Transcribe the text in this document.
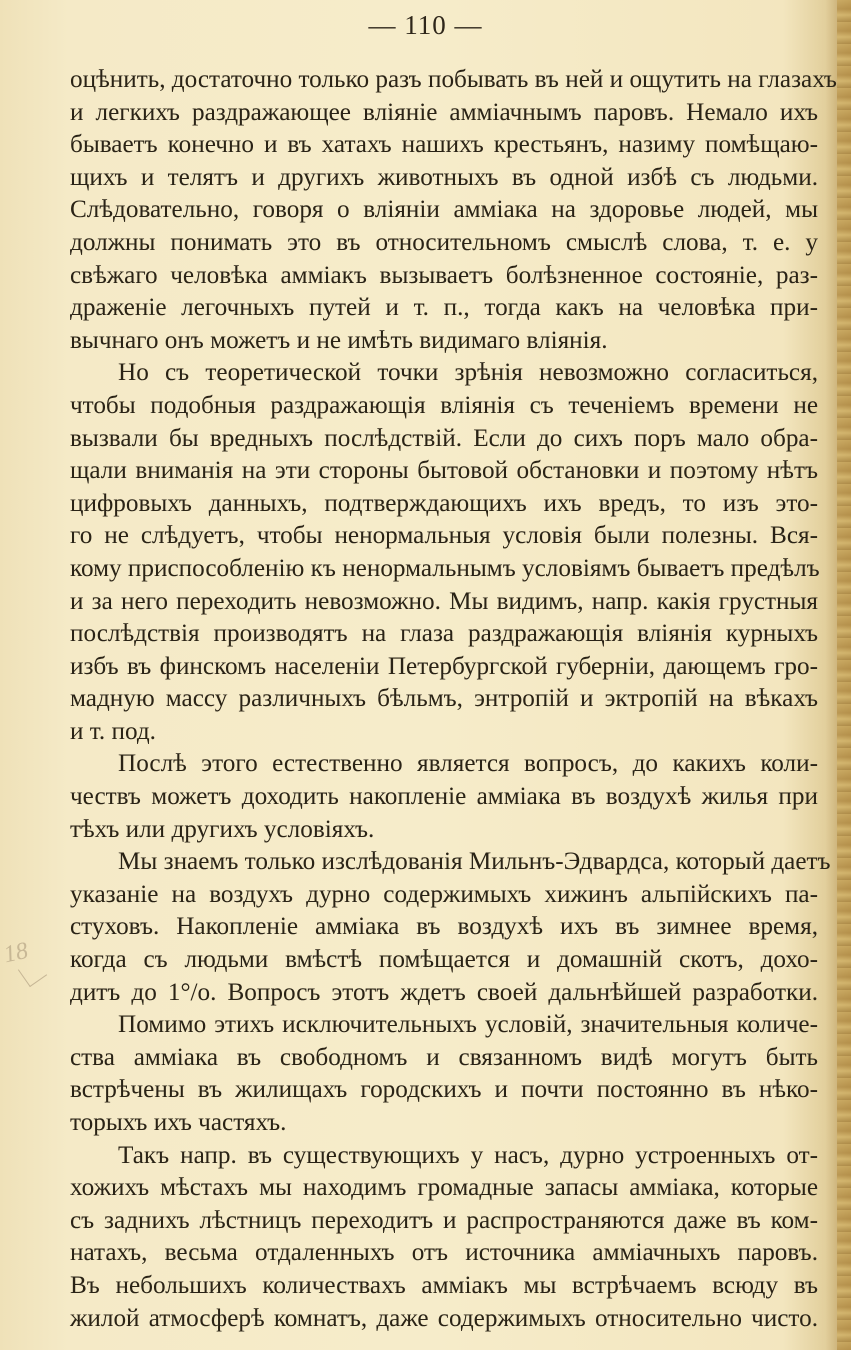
— 110 —
18
оцѣнить, достаточно только разъ побывать въ ней и ощутить на глазахъ
и легкихъ раздражающее вліяніе аммiачнымъ паровъ. Немало ихъ
бываетъ конечно и въ хатахъ нашихъ крестьянъ, назиму помѣщаю-
щихъ и телятъ и другихъ животныхъ въ одной избѣ съ людьми.
Слѣдовательно, говоря о вліяніи аммiака на здоровье людей, мы
должны понимать это въ относительномъ смыслѣ слова, т. е. у
свѣжаго человѣка аммiакъ вызываетъ болѣзненное состояніе, раз-
драженіе легочныхъ путей и т. п., тогда какъ на человѣка при-
вычнаго онъ можетъ и не имѣть видимаго вліянія.
Но съ теоретической точки зрѣнія невозможно согласиться,
чтобы подобныя раздражающія вліянія съ теченіемъ времени не
вызвали бы вредныхъ послѣдствій. Если до сихъ поръ мало обра-
щали вниманія на эти стороны бытовой обстановки и поэтому нѣтъ
цифровыхъ данныхъ, подтверждающихъ ихъ вредъ, то изъ это-
го не слѣдуетъ, чтобы ненормальныя условія были полезны. Вся-
кому приспособленію къ ненормальнымъ условіямъ бываетъ предѣлъ
и за него переходить невозможно. Мы видимъ, напр. какія грустныя
послѣдствія производятъ на глаза раздражающія вліянія курныхъ
избъ въ финскомъ населеніи Петербургской губерніи, дающемъ гро-
мадную массу различныхъ бѣльмъ, энтропій и эктропій на вѣкахъ
и т. под.
Послѣ этого естественно является вопросъ, до какихъ коли-
чествъ можетъ доходить накопленіе аммiака въ воздухѣ жилья при
тѣхъ или другихъ условіяхъ.
Мы знаемъ только изслѣдованія Мильнъ-Эдвардса, который даетъ
указаніе на воздухъ дурно содержимыхъ хижинъ альпійскихъ па-
стуховъ. Накопленіе аммiака въ воздухѣ ихъ въ зимнее время,
когда съ людьми вмѣстѣ помѣщается и домашній скотъ, дохо-
дитъ до 1°/о. Вопросъ этотъ ждетъ своей дальнѣйшей разработки.
Помимо этихъ исключительныхъ условій, значительныя количе-
ства аммiака въ свободномъ и связанномъ видѣ могутъ быть
встрѣчены въ жилищахъ городскихъ и почти постоянно въ нѣко-
торыхъ ихъ частяхъ.
Такъ напр. въ существующихъ у насъ, дурно устроенныхъ от-
хожихъ мѣстахъ мы находимъ громадные запасы аммiака, которые
съ заднихъ лѣстницъ переходитъ и распространяются даже въ ком-
натахъ, весьма отдаленныхъ отъ источника аммiачныхъ паровъ.
Въ небольшихъ количествахъ аммiакъ мы встрѣчаемъ всюду въ
жилой атмосферѣ комнатъ, даже содержимыхъ относительно чисто.
